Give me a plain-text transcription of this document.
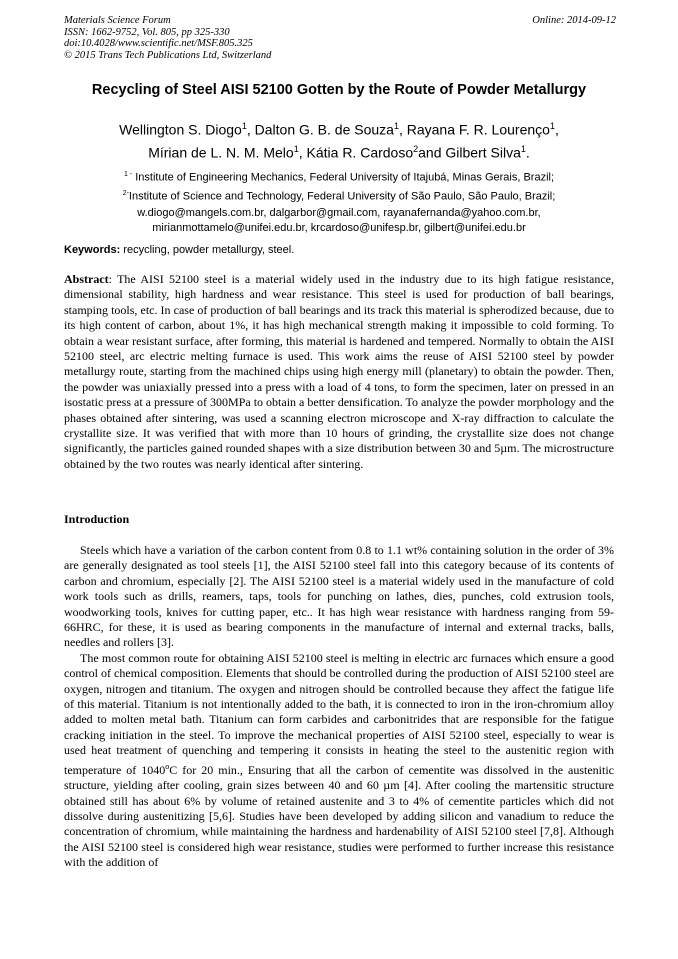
Materials Science Forum
ISSN: 1662-9752, Vol. 805, pp 325-330
doi:10.4028/www.scientific.net/MSF.805.325
© 2015 Trans Tech Publications Ltd, Switzerland
Online: 2014-09-12
Recycling of Steel AISI 52100 Gotten by the Route of Powder Metallurgy
Wellington S. Diogo$^1$, Dalton G. B. de Souza$^1$, Rayana F. R. Lourenço$^1$,
Mírian de L. N. M. Melo$^1$, Kátia R. Cardoso$^2$and Gilbert Silva$^1$.
$^{1 -}$ Institute of Engineering Mechanics, Federal University of Itajubá, Minas Gerais, Brazil;
$^{2-}$Institute of Science and Technology, Federal University of São Paulo, São Paulo, Brazil;
w.diogo@mangels.com.br, dalgarbor@gmail.com, rayanafernanda@yahoo.com.br,
mirianmottamelo@unifei.edu.br, krcardoso@unifesp.br, gilbert@unifei.edu.br
Keywords: recycling, powder metallurgy, steel.
Abstract: The AISI 52100 steel is a material widely used in the industry due to its high fatigue resistance, dimensional stability, high hardness and wear resistance. This steel is used for production of ball bearings, stamping tools, etc. In case of production of ball bearings and its track this material is spherodized because, due to its high content of carbon, about 1%, it has high mechanical strength making it impossible to cold forming. To obtain a wear resistant surface, after forming, this material is hardened and tempered. Normally to obtain the AISI 52100 steel, arc electric melting furnace is used. This work aims the reuse of AISI 52100 steel by powder metallurgy route, starting from the machined chips using high energy mill (planetary) to obtain the powder. Then, the powder was uniaxially pressed into a press with a load of 4 tons, to form the specimen, later on pressed in an isostatic press at a pressure of 300MPa to obtain a better densification. To analyze the powder morphology and the phases obtained after sintering, was used a scanning electron microscope and X-ray diffraction to calculate the crystallite size. It was verified that with more than 10 hours of grinding, the crystallite size does not change significantly, the particles gained rounded shapes with a size distribution between 30 and 5µm. The microstructure obtained by the two routes was nearly identical after sintering.
Introduction

Steels which have a variation of the carbon content from 0.8 to 1.1 wt% containing solution in the order of 3% are generally designated as tool steels [1], the AISI 52100 steel fall into this category because of its contents of carbon and chromium, especially [2]. The AISI 52100 steel is a material widely used in the manufacture of cold work tools such as drills, reamers, taps, tools for punching on lathes, dies, punches, cold extrusion tools, woodworking tools, knives for cutting paper, etc.. It has high wear resistance with hardness ranging from 59-66HRC, for these, it is used as bearing components in the manufacture of internal and external tracks, balls, needles and rollers [3].

The most common route for obtaining AISI 52100 steel is melting in electric arc furnaces which ensure a good control of chemical composition. Elements that should be controlled during the production of AISI 52100 steel are oxygen, nitrogen and titanium. The oxygen and nitrogen should be controlled because they affect the fatigue life of this material. Titanium is not intentionally added to the bath, it is connected to iron in the iron-chromium alloy added to molten metal bath. Titanium can form carbides and carbonitrides that are responsible for the fatigue cracking initiation in the steel. To improve the mechanical properties of AISI 52100 steel, especially to wear is used heat treatment of quenching and tempering it consists in heating the steel to the austenitic region with temperature of 1040$^o$C for 20 min., Ensuring that all the carbon of cementite was dissolved in the austenitic structure, yielding after cooling, grain sizes between 40 and 60 µm [4]. After cooling the martensitic structure obtained still has about 6% by volume of retained austenite and 3 to 4% of cementite particles which did not dissolve during austenitizing [5,6]. Studies have been developed by adding silicon and vanadium to reduce the concentration of chromium, while maintaining the hardness and hardenability of AISI 52100 steel [7,8]. Although the AISI 52100 steel is considered high wear resistance, studies were performed to further increase this resistance with the addition of
